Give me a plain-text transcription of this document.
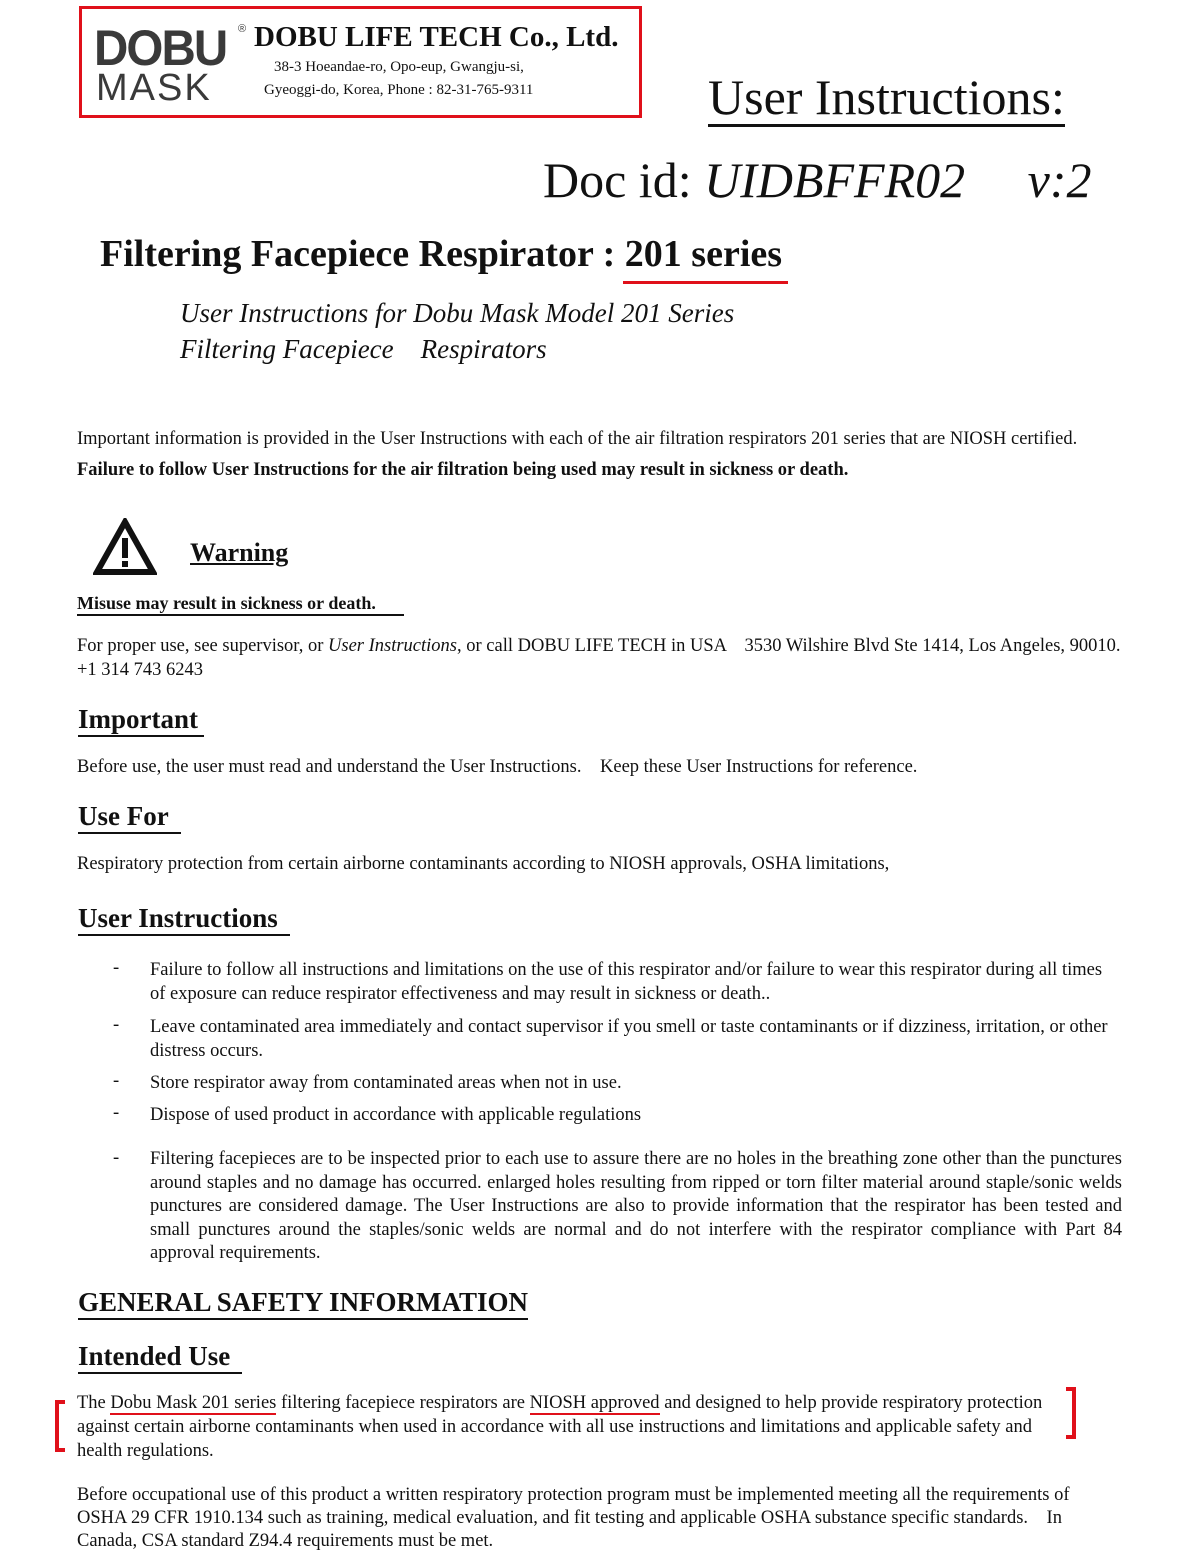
DOBU ®
MASK
DOBU LIFE TECH Co., Ltd.
38-3 Hoeandae-ro, Opo-eup, Gwangju-si,
Gyeoggi-do, Korea, Phone : 82-31-765-9311	User Instructions:
Doc id: UIDBFFR02 v:2
Filtering Facepiece Respirator : 201 series
User Instructions for Dobu Mask Model 201 Series
Filtering Facepiece    Respirators
Important information is provided in the User Instructions with each of the air filtration respirators 201 series that are NIOSH certified.   Failure to follow User Instructions for the air filtration being used may result in sickness or death.
Warning
Misuse may result in sickness or death.
For proper use, see supervisor, or User Instructions, or call DOBU LIFE TECH in USA    3530 Wilshire Blvd Ste 1414, Los Angeles, 90010.    +1 314 743 6243
Important
Before use, the user must read and understand the User Instructions.    Keep these User Instructions for reference.
Use For
Respiratory protection from certain airborne contaminants according to NIOSH approvals, OSHA limitations,
User Instructions
- Failure to follow all instructions and limitations on the use of this respirator and/or failure to wear this respirator during all times of exposure can reduce respirator effectiveness and may result in sickness or death..
- Leave contaminated area immediately and contact supervisor if you smell or taste contaminants or if dizziness, irritation, or other distress occurs.
- Store respirator away from contaminated areas when not in use.
- Dispose of used product in accordance with applicable regulations
- Filtering facepieces are to be inspected prior to each use to assure there are no holes in the breathing zone other than the punctures around staples and no damage has occurred. enlarged holes resulting from ripped or torn filter material around staple/sonic welds punctures are considered damage. The User Instructions are also to provide information that the respirator has been tested and small punctures around the staples/sonic welds are normal and do not interfere with the respirator compliance with Part 84 approval requirements.
GENERAL SAFETY INFORMATION
Intended Use
The Dobu Mask 201 series filtering facepiece respirators are NIOSH approved and designed to help provide respiratory protection against certain airborne contaminants when used in accordance with all use instructions and limitations and applicable safety and health regulations.
Before occupational use of this product a written respiratory protection program must be implemented meeting all the requirements of OSHA 29 CFR 1910.134 such as training, medical evaluation, and fit testing and applicable OSHA substance specific standards.    In Canada, CSA standard Z94.4 requirements must be met.
